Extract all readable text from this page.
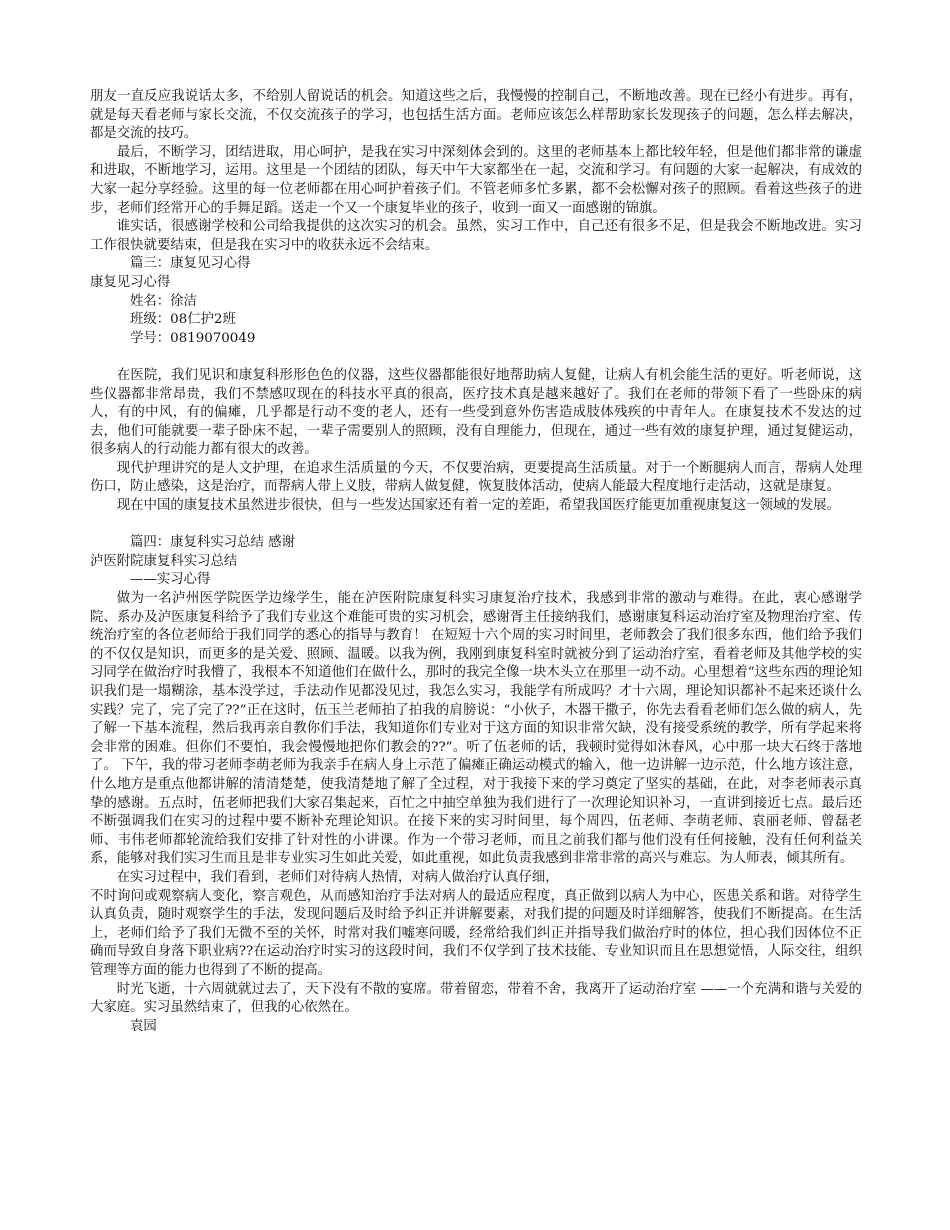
朋友一直反应我说话太多，不给别人留说话的机会。知道这些之后，我慢慢的控制自己，不断地改善。现在已经小有进步。再有，就是每天看老师与家长交流，不仅交流孩子的学习，也包括生活方面。老师应该怎么样帮助家长发现孩子的问题，怎么样去解决，都是交流的技巧。

最后，不断学习，团结进取，用心呵护，是我在实习中深刻体会到的。这里的老师基本上都比较年轻，但是他们都非常的谦虚和进取，不断地学习，运用。这里是一个团结的团队，每天中午大家都坐在一起，交流和学习。有问题的大家一起解决，有成效的大家一起分享经验。这里的每一位老师都在用心呵护着孩子们。不管老师多忙多累，都不会松懈对孩子的照顾。看着这些孩子的进步，老师们经常开心的手舞足蹈。送走一个又一个康复毕业的孩子，收到一面又一面感谢的锦旗。

谁实话，很感谢学校和公司给我提供的这次实习的机会。虽然，实习工作中，自己还有很多不足，但是我会不断地改进。实习工作很快就要结束，但是我在实习中的收获永远不会结束。

篇三：康复见习心得

康复见习心得

姓名：徐洁

班级：08仁护2班

学号：0819070049

在医院，我们见识和康复科形形色色的仪器，这些仪器都能很好地帮助病人复健，让病人有机会能生活的更好。听老师说，这些仪器都非常昂贵，我们不禁感叹现在的科技水平真的很高，医疗技术真是越来越好了。我们在老师的带领下看了一些卧床的病人，有的中风，有的偏瘫，几乎都是行动不变的老人，还有一些受到意外伤害造成肢体残疾的中青年人。在康复技术不发达的过去，他们可能就要一辈子卧床不起，一辈子需要别人的照顾，没有自理能力，但现在，通过一些有效的康复护理，通过复健运动，很多病人的行动能力都有很大的改善。

现代护理讲究的是人文护理，在追求生活质量的今天，不仅要治病，更要提高生活质量。对于一个断腿病人而言，帮病人处理伤口，防止感染，这是治疗，而帮病人带上义肢，带病人做复健，恢复肢体活动，使病人能最大程度地行走活动，这就是康复。

现在中国的康复技术虽然进步很快，但与一些发达国家还有着一定的差距，希望我国医疗能更加重视康复这一领域的发展。

篇四：康复科实习总结 感谢

泸医附院康复科实习总结

——实习心得

做为一名泸州医学院医学边缘学生，能在泸医附院康复科实习康复治疗技术，我感到非常的激动与难得。在此，衷心感谢学院、系办及泸医康复科给予了我们专业这个难能可贵的实习机会，感谢胥主任接纳我们，感谢康复科运动治疗室及物理治疗室、传统治疗室的各位老师给于我们同学的悉心的指导与教育！ 在短短十六个周的实习时间里，老师教会了我们很多东西，他们给予我们的不仅仅是知识，而更多的是关爱、照顾、温暖。以我为例，我刚到康复科室时就被分到了运动治疗室，看着老师及其他学校的实习同学在做治疗时我懵了，我根本不知道他们在做什么，那时的我完全像一块木头立在那里一动不动。心里想着“这些东西的理论知识我们是一塌糊涂，基本没学过，手法动作见都没见过，我怎么实习，我能学有所成吗？才十六周，理论知识都补不起来还谈什么实践？完了，完了完了??”正在这时，伍玉兰老师拍了拍我的肩膀说：“小伙子，木器干撒子，你先去看看老师们怎么做的病人，先了解一下基本流程，然后我再亲自教你们手法，我知道你们专业对于这方面的知识非常欠缺，没有接受系统的教学，所有学起来将会非常的困难。但你们不要怕，我会慢慢地把你们教会的??”。听了伍老师的话，我顿时觉得如沐春风，心中那一块大石终于落地了。 下午，我的带习老师李萌老师为我亲手在病人身上示范了偏瘫正确运动模式的输入，他一边讲解一边示范，什么地方该注意，什么地方是重点他都讲解的清清楚楚，使我清楚地了解了全过程，对于我接下来的学习奠定了坚实的基础，在此，对李老师表示真挚的感谢。五点时，伍老师把我们大家召集起来，百忙之中抽空单独为我们进行了一次理论知识补习，一直讲到接近七点。最后还不断强调我们在实习的过程中要不断补充理论知识。在接下来的实习时间里，每个周四，伍老师、李萌老师、袁丽老师、曾磊老师、韦伟老师都轮流给我们安排了针对性的小讲课。作为一个带习老师，而且之前我们都与他们没有任何接触，没有任何利益关系，能够对我们实习生而且是非专业实习生如此关爱，如此重视，如此负责我感到非常非常的高兴与难忘。为人师表，倾其所有。

在实习过程中，我们看到，老师们对待病人热情，对病人做治疗认真仔细，

不时询问或观察病人变化，察言观色，从而感知治疗手法对病人的最适应程度，真正做到以病人为中心，医患关系和谐。对待学生认真负责，随时观察学生的手法，发现问题后及时给予纠正并讲解要素，对我们提的问题及时详细解答，使我们不断提高。在生活上，老师们给予了我们无微不至的关怀，时常对我们嘘寒问暖，经常给我们纠正并指导我们做治疗时的体位，担心我们因体位不正确而导致自身落下职业病??在运动治疗时实习的这段时间，我们不仅学到了技术技能、专业知识而且在思想觉悟，人际交往，组织管理等方面的能力也得到了不断的提高。

时光飞逝，十六周就就过去了，天下没有不散的宴席。带着留恋，带着不舍，我离开了运动治疗室 ——一个充满和谐与关爱的大家庭。实习虽然结束了，但我的心依然在。

袁园
